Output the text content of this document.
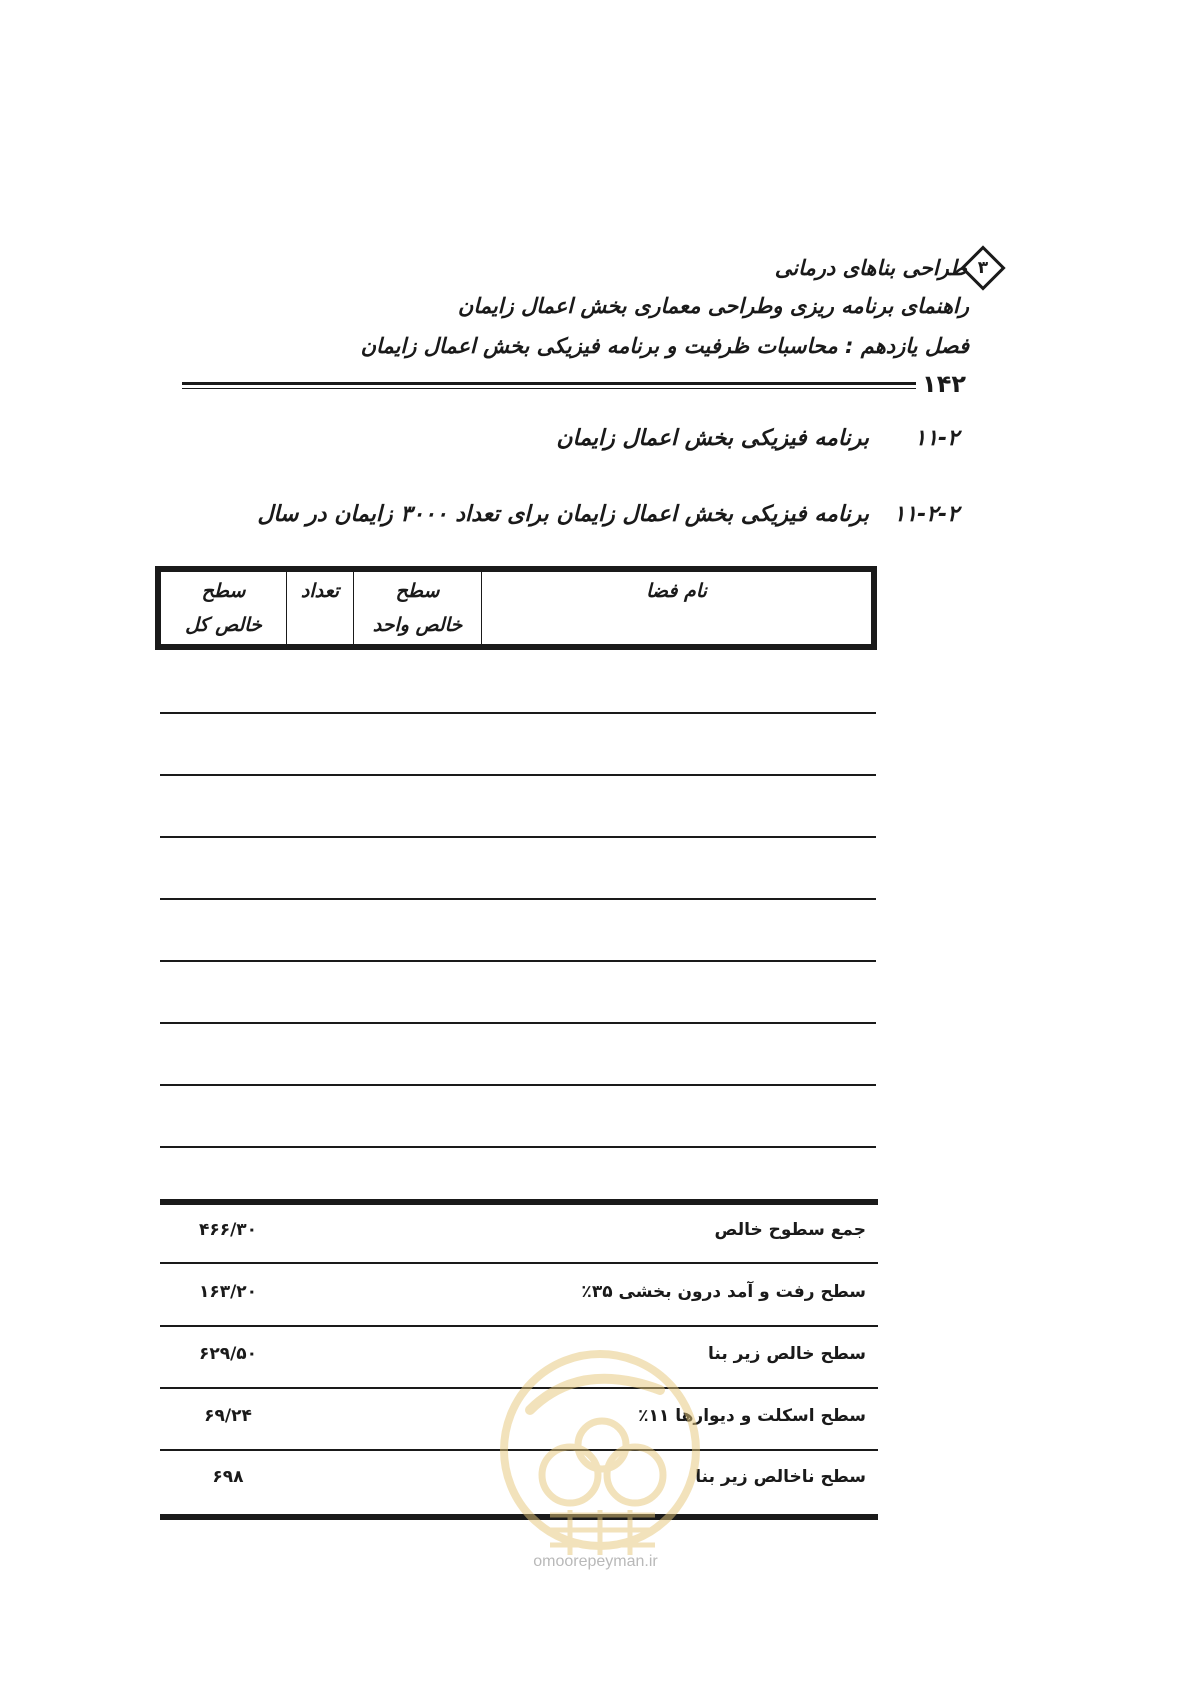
طراحی بناهای درمانی ۳
راهنمای برنامه ریزی وطراحی معماری بخش اعمال زایمان
فصل یازدهم : محاسبات ظرفیت و برنامه فیزیکی بخش اعمال زایمان
۱۴۲
۱۱-۲
برنامه فیزیکی بخش اعمال زایمان
۱۱-۲-۲
برنامه فیزیکی بخش اعمال زایمان برای تعداد ۳۰۰۰ زایمان در سال
سطح
خالص کل
تعداد	سطح
خالص واحد
نام فضا
جمع سطوح خالص
۴۶۶/۳۰
سطح رفت و آمد درون بخشی ۳۵٪
۱۶۳/۲۰
سطح خالص زیر بنا
۶۲۹/۵۰
سطح اسکلت و دیوارها ۱۱٪
۶۹/۲۴
سطح ناخالص زیر بنا
۶۹۸
omoorepeyman.ir
